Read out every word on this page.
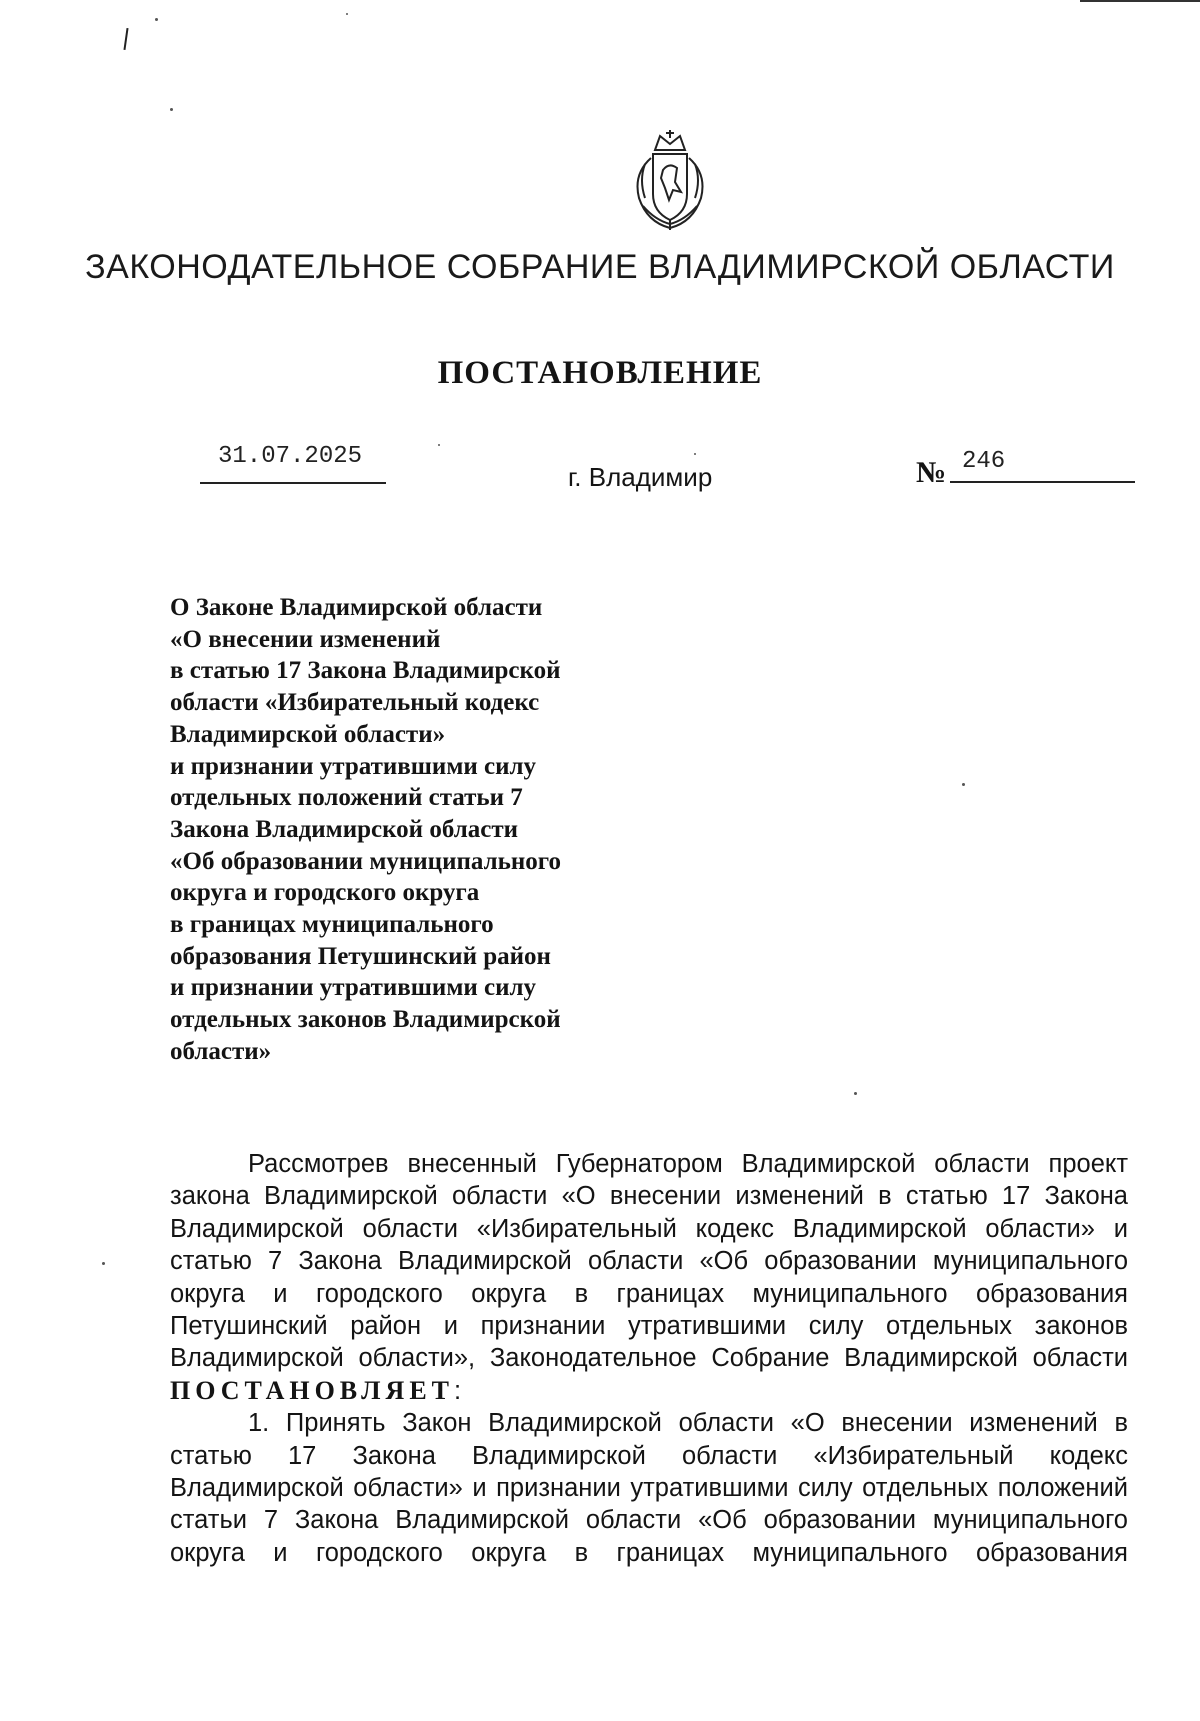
ЗАКОНОДАТЕЛЬНОЕ СОБРАНИЕ ВЛАДИМИРСКОЙ ОБЛАСТИ
ПОСТАНОВЛЕНИЕ
31.07.2025
г. Владимир	№ 246
О Законе Владимирской области
«О внесении изменений
в статью 17 Закона Владимирской
области «Избирательный кодекс
Владимирской области»
и признании утратившими силу
отдельных положений статьи 7
Закона Владимирской области
«Об образовании муниципального
округа и городского округа
в границах муниципального
образования Петушинский район
и признании утратившими силу
отдельных законов Владимирской
области»
Рассмотрев внесенный Губернатором Владимирской области проект
закона Владимирской области «О внесении изменений в статью 17 Закона
Владимирской области «Избирательный кодекс Владимирской области» и
статью 7 Закона Владимирской области «Об образовании муниципального
округа и городского округа в границах муниципального образования
Петушинский район и признании утратившими силу отдельных законов
Владимирской области», Законодательное Собрание Владимирской области
ПОСТАНОВЛЯЕТ:
1. Принять Закон Владимирской области «О внесении изменений в
статью 17 Закона Владимирской области «Избирательный кодекс
Владимирской области» и признании утратившими силу отдельных положений
статьи 7 Закона Владимирской области «Об образовании муниципального
округа и городского округа в границах муниципального образования
